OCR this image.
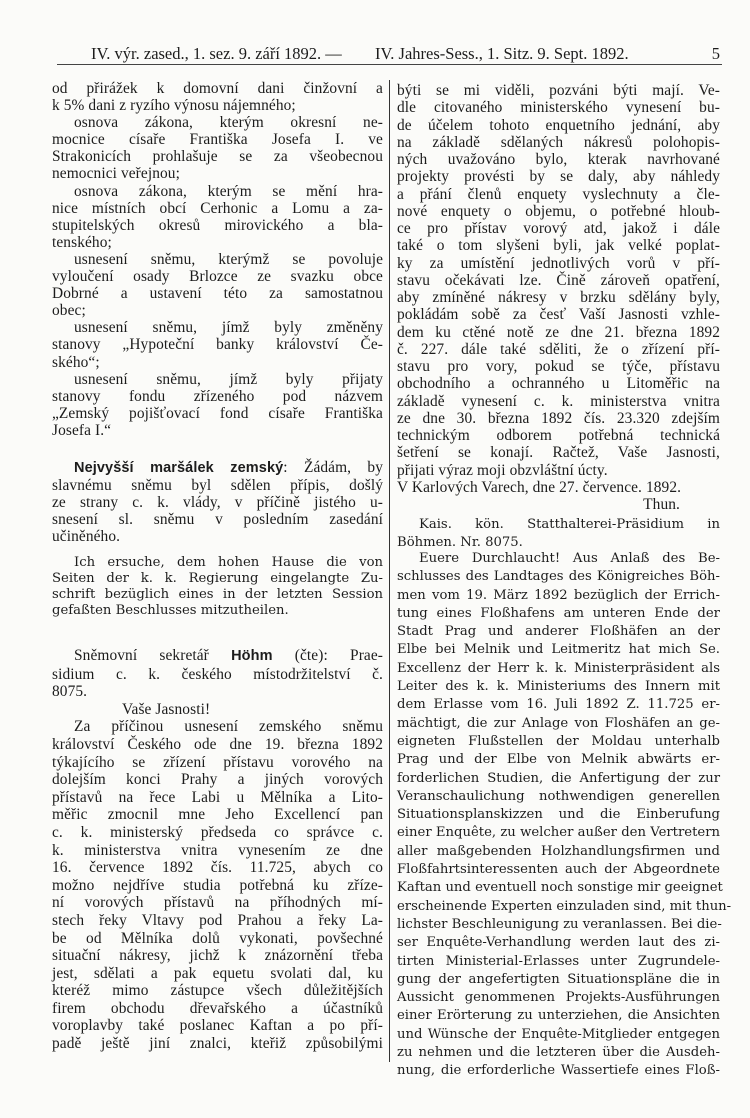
IV. výr. zased., 1. sez. 9. září 1892. — IV. Jahres-Sess., 1. Sitz. 9. Sept. 1892.	5
od přirážek k domovní dani činžovní a
k 5% dani z ryzího výnosu nájemného;
osnova zákona, kterým okresní ne-
mocnice císaře Františka Josefa I. ve
Strakonicích prohlašuje se za všeobecnou
nemocnici veřejnou;
osnova zákona, kterým se mění hra-
nice místních obcí Cerhonic a Lomu a za-
stupitelských okresů mirovického a bla-
tenského;
usnesení sněmu, kterýmž se povoluje
vyloučení osady Brlozce ze svazku obce
Dobrné a ustavení této za samostatnou
obec;
usnesení sněmu, jímž byly změněny
stanovy „Hypoteční banky království Če-
ského“;
usnesení sněmu, jímž byly přijaty
stanovy fondu zřízeného pod názvem
„Zemský pojišťovací fond císaře Františka
Josefa I.“
Nejvyšší maršálek zemský: Žádám, by
slavnému sněmu byl sdělen přípis, došlý
ze strany c. k. vlády, v příčině jistého u-
snesení sl. sněmu v posledním zasedání
učiněného.
Ich ersuche, dem hohen Hause die von
Seiten der k. k. Regierung eingelangte Zu-
schrift bezüglich eines in der letzten Session
gefaßten Beschlusses mitzutheilen.
Sněmovní sekretář Höhm (čte): Prae-
sidium c. k. českého místodržitelství č.
8075.
Vaše Jasnosti!
Za příčinou usnesení zemského sněmu
království Českého ode dne 19. března 1892
týkajícího se zřízení přístavu vorového na
dolejším konci Prahy a jiných vorových
přístavů na řece Labi u Mělníka a Lito-
měřic zmocnil mne Jeho Excellencí pan
c. k. ministerský předseda co správce c.
k. ministerstva vnitra vynesením ze dne
16. července 1892 čís. 11.725, abych co
možno nejdříve studia potřebná ku zříze-
ní vorových přístavů na příhodných mí-
stech řeky Vltavy pod Prahou a řeky La-
be od Mělníka dolů vykonati, povšechné
situační nákresy, jichž k znázornění třeba
jest, sdělati a pak equetu svolati dal, ku
kteréž mimo zástupce všech důležitějších
firem obchodu dřevařského a účastníků
voroplavby také poslanec Kaftan a po pří-
padě ještě jiní znalci, kteřiž způsobilými
býti se mi viděli, pozváni býti mají. Ve-
dle citovaného ministerského vynesení bu-
de účelem tohoto enquetního jednání, aby
na základě sdělaných nákresů polohopis-
ných uvažováno bylo, kterak navrhované
projekty provésti by se daly, aby náhledy
a přání členů enquety vyslechnuty a čle-
nové enquety o objemu, o potřebné hloub-
ce pro přístav vorový atd, jakož i dále
také o tom slyšeni byli, jak velké poplat-
ky za umístění jednotlivých vorů v pří-
stavu očekávati lze. Čině zároveň opatření,
aby zmíněné nákresy v brzku sdělány byly,
pokládám sobě za česť Vaší Jasnosti vzhle-
dem ku ctěné notě ze dne 21. března 1892
č. 227. dále také sděliti, že o zřízení pří-
stavu pro vory, pokud se týče, přístavu
obchodního a ochranného u Litoměřic na
základě vynesení c. k. ministerstva vnitra
ze dne 30. března 1892 čís. 23.320 zdejším
technickým odborem potřebná technická
šetření se konají. Račtež, Vaše Jasnosti,
přijati výraz moji obzvláštní úcty.
V Karlových Varech, dne 27. července. 1892.
Thun.
Kais. kön. Statthalterei-Präsidium in
Böhmen. Nr. 8075.
Euere Durchlaucht! Aus Anlaß des Be-
schlusses des Landtages des Königreiches Böh-
men vom 19. März 1892 bezüglich der Errich-
tung eines Floßhafens am unteren Ende der
Stadt Prag und anderer Floßhäfen an der
Elbe bei Melnik und Leitmeritz hat mich Se.
Excellenz der Herr k. k. Ministerpräsident als
Leiter des k. k. Ministeriums des Innern mit
dem Erlasse vom 16. Juli 1892 Z. 11.725 er-
mächtigt, die zur Anlage von Floshäfen an ge-
eigneten Flußstellen der Moldau unterhalb
Prag und der Elbe von Melnik abwärts er-
forderlichen Studien, die Anfertigung der zur
Veranschaulichung nothwendigen generellen
Situationsplanskizzen und die Einberufung
einer Enquête, zu welcher außer den Vertretern
aller maßgebenden Holzhandlungsfirmen und
Floßfahrtsinteressenten auch der Abgeordnete
Kaftan und eventuell noch sonstige mir geeignet
erscheinende Experten einzuladen sind, mit thun-
lichster Beschleunigung zu veranlassen. Bei die-
ser Enquête-Verhandlung werden laut des zi-
tirten Ministerial-Erlasses unter Zugrundele-
gung der angefertigten Situationspläne die in
Aussicht genommenen Projekts-Ausführungen
einer Erörterung zu unterziehen, die Ansichten
und Wünsche der Enquête-Mitglieder entgegen
zu nehmen und die letzteren über die Ausdeh-
nung, die erforderliche Wassertiefe eines Floß-
